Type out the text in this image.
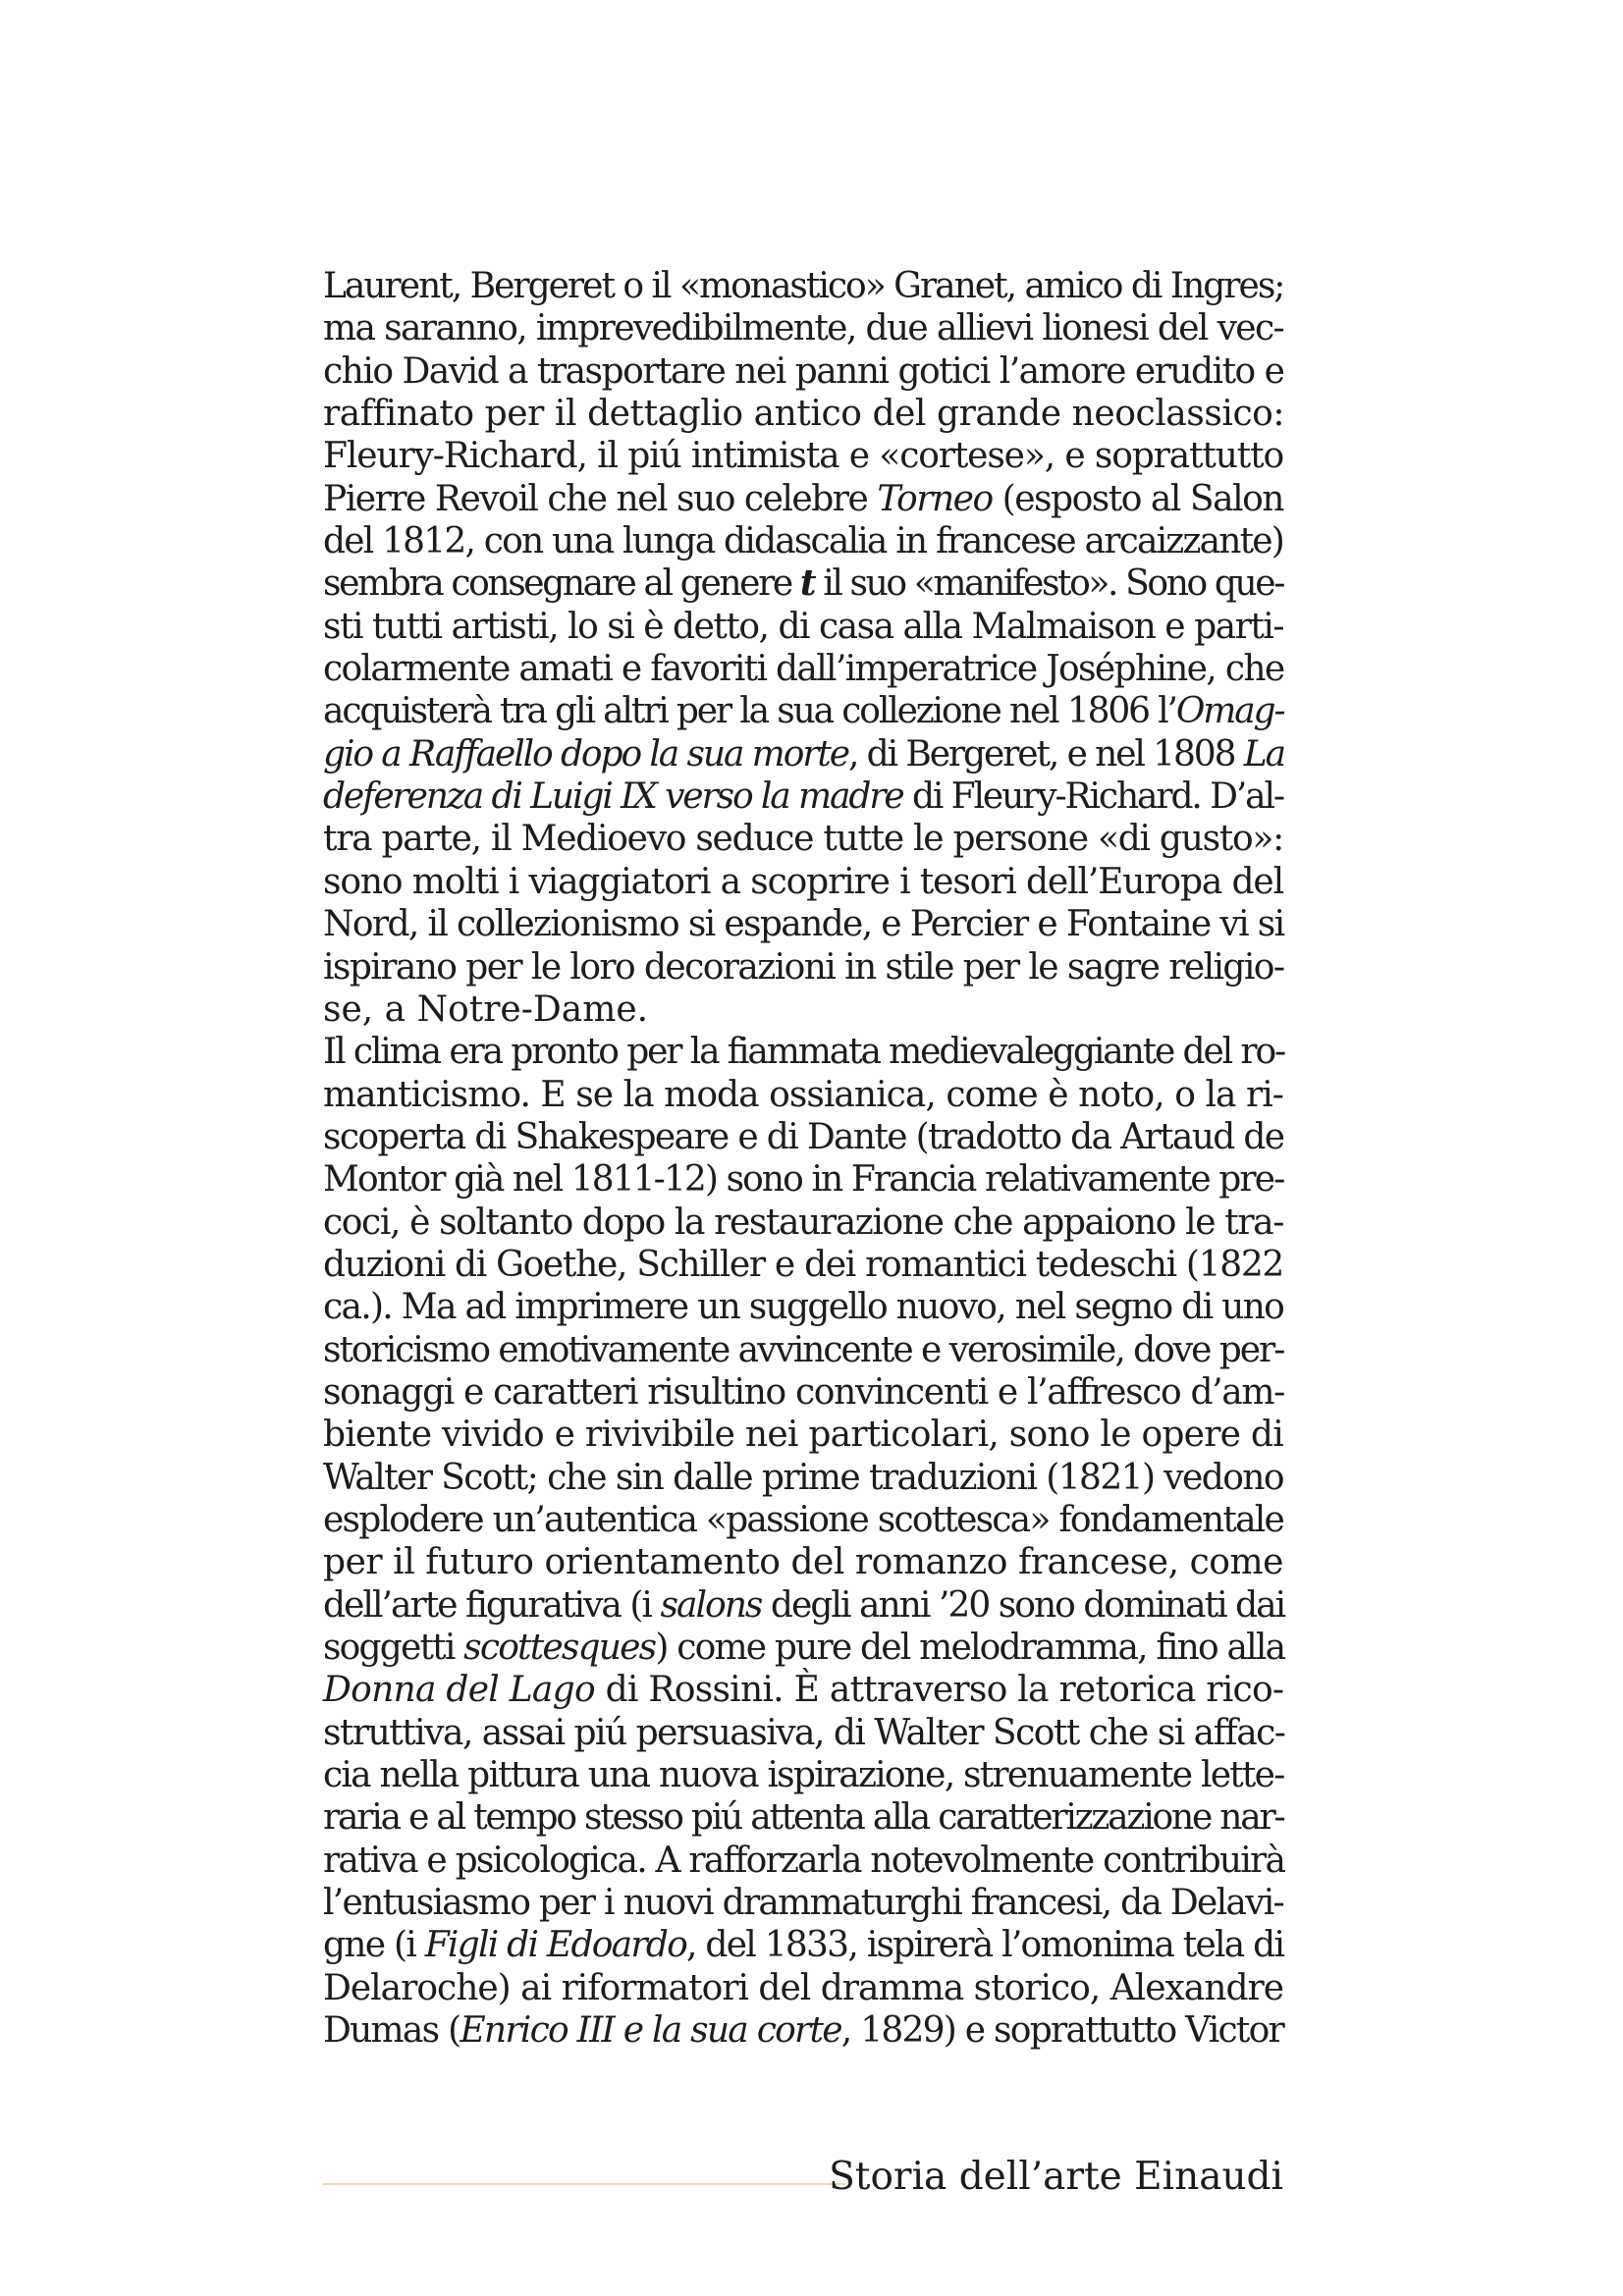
Laurent, Bergeret o il «monastico» Granet, amico di Ingres;
ma saranno, imprevedibilmente, due allievi lionesi del vec-
chio David a trasportare nei panni gotici l’amore erudito e
raffinato per il dettaglio antico del grande neoclassico:
Fleury-Richard, il piú intimista e «cortese», e soprattutto
Pierre Revoil che nel suo celebre Torneo (esposto al Salon
del 1812, con una lunga didascalia in francese arcaizzante)
sembra consegnare al genere t il suo «manifesto». Sono que-
sti tutti artisti, lo si è detto, di casa alla Malmaison e parti-
colarmente amati e favoriti dall’imperatrice Joséphine, che
acquisterà tra gli altri per la sua collezione nel 1806 l’Omag-
gio a Raffaello dopo la sua morte, di Bergeret, e nel 1808 La
deferenza di Luigi IX verso la madre di Fleury-Richard. D’al-
tra parte, il Medioevo seduce tutte le persone «di gusto»:
sono molti i viaggiatori a scoprire i tesori dell’Europa del
Nord, il collezionismo si espande, e Percier e Fontaine vi si
ispirano per le loro decorazioni in stile per le sagre religio-
se, a Notre-Dame.
Il clima era pronto per la fiammata medievaleggiante del ro-
manticismo. E se la moda ossianica, come è noto, o la ri-
scoperta di Shakespeare e di Dante (tradotto da Artaud de
Montor già nel 1811-12) sono in Francia relativamente pre-
coci, è soltanto dopo la restaurazione che appaiono le tra-
duzioni di Goethe, Schiller e dei romantici tedeschi (1822
ca.). Ma ad imprimere un suggello nuovo, nel segno di uno
storicismo emotivamente avvincente e verosimile, dove per-
sonaggi e caratteri risultino convincenti e l’affresco d’am-
biente vivido e rivivibile nei particolari, sono le opere di
Walter Scott; che sin dalle prime traduzioni (1821) vedono
esplodere un’autentica «passione scottesca» fondamentale
per il futuro orientamento del romanzo francese, come
dell’arte figurativa (i salons degli anni ’20 sono dominati dai
soggetti scottesques) come pure del melodramma, fino alla
Donna del Lago di Rossini. È attraverso la retorica rico-
struttiva, assai piú persuasiva, di Walter Scott che si affac-
cia nella pittura una nuova ispirazione, strenuamente lette-
raria e al tempo stesso piú attenta alla caratterizzazione nar-
rativa e psicologica. A rafforzarla notevolmente contribuirà
l’entusiasmo per i nuovi drammaturghi francesi, da Delavi-
gne (i Figli di Edoardo, del 1833, ispirerà l’omonima tela di
Delaroche) ai riformatori del dramma storico, Alexandre
Dumas (Enrico III e la sua corte, 1829) e soprattutto Victor
Storia dell’arte Einaudi
